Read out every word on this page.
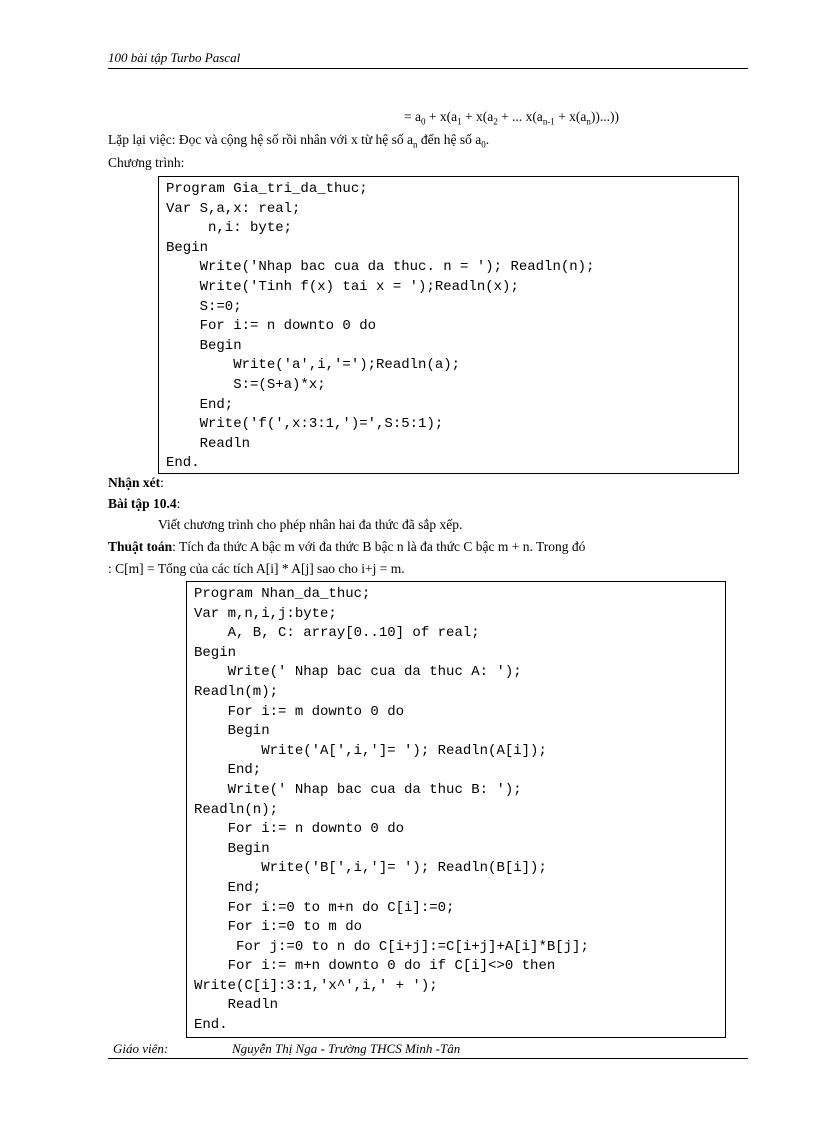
100 bài tập Turbo Pascal
= $a_0 + x(a_1 + x(a_2$ + ... $x(a_{n-1} + x(a_n))$...))
Lặp lại việc: Đọc và cộng hệ số rồi nhân với x từ hệ số $a_n$ đến hệ số $a_0$.
Chương trình:
Program Gia_tri_da_thuc;
Var S,a,x: real;
n,i: byte;
Begin
Write('Nhap bac cua da thuc. n = '); Readln(n);
Write('Tinh f(x) tai x = ');Readln(x);
S:=0;
For i:= n downto 0 do
Begin
Write('a',i,'=');Readln(a);
S:=(S+a)*x;
End;
Write('f(',x:3:1,')=',S:5:1);
Readln
End.
Nhận xét:
Bài tập 10.4:
Viết chương trình cho phép nhân hai đa thức đã sắp xếp.
Thuật toán: Tích đa thức A bậc m với đa thức B bậc n là đa thức C bậc m + n. Trong đó
: C[m] = Tổng của các tích A[i] * A[j] sao cho i+j = m.
Program Nhan_da_thuc;
Var m,n,i,j:byte;
A, B, C: array[0..10] of real;
Begin
Write(' Nhap bac cua da thuc A: ');
Readln(m);
For i:= m downto 0 do
Begin
Write('A[',i,']= '); Readln(A[i]);
End;
Write(' Nhap bac cua da thuc B: ');
Readln(n);
For i:= n downto 0 do
Begin
Write('B[',i,']= '); Readln(B[i]);
End;
For i:=0 to m+n do C[i]:=0;
For i:=0 to m do
For j:=0 to n do C[i+j]:=C[i+j]+A[i]*B[j];
For i:= m+n downto 0 do if C[i]<>0 then
Write(C[i]:3:1,'x^',i,' + ');
Readln
End.
Giáo viên:	Nguyễn Thị Nga - Trường THCS Minh -Tân
